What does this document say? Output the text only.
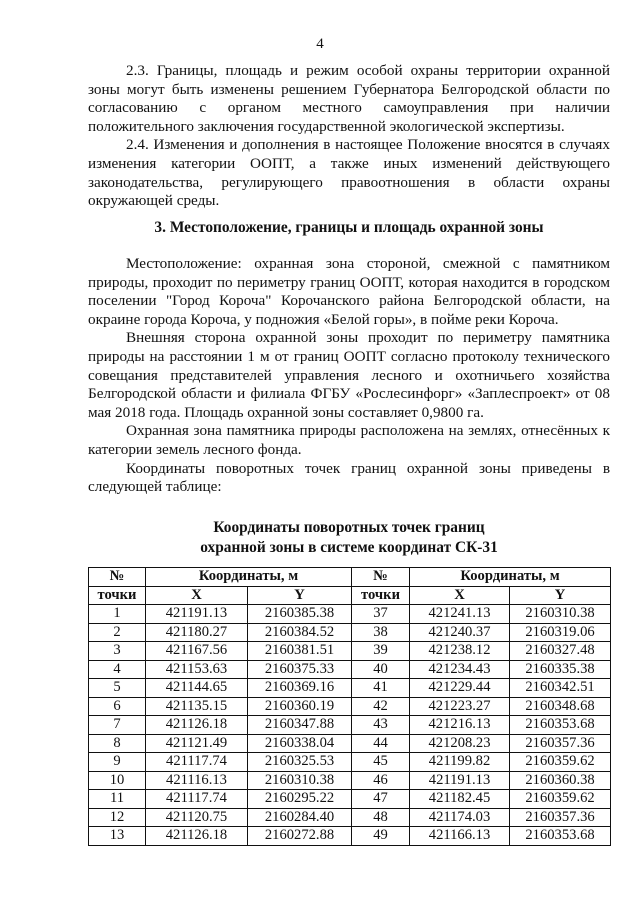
4

2.3. Границы, площадь и режим особой охраны территории охранной зоны могут быть изменены решением Губернатора Белгородской области по согласованию с органом местного самоуправления при наличии положительного заключения государственной экологической экспертизы.

2.4. Изменения и дополнения в настоящее Положение вносятся в случаях изменения категории ООПТ, а также иных изменений действующего законодательства, регулирующего правоотношения в области охраны окружающей среды.

3. Местоположение, границы и площадь охранной зоны

Местоположение: охранная зона стороной, смежной с памятником природы, проходит по периметру границ ООПТ, которая находится в городском поселении "Город Короча" Корочанского района Белгородской области, на окраине города Короча, у подножия «Белой горы», в пойме реки Короча.

Внешняя сторона охранной зоны проходит по периметру памятника природы на расстоянии 1 м от границ ООПТ согласно протоколу технического совещания представителей управления лесного и охотничьего хозяйства Белгородской области и филиала ФГБУ «Рослесинфорг» «Заплеспроект» от 08 мая 2018 года. Площадь охранной зоны составляет 0,9800 га.

Охранная зона памятника природы расположена на землях, отнесённых к категории земель лесного фонда.

Координаты поворотных точек границ охранной зоны приведены в следующей таблице:

Координаты поворотных точек границ
охранной зоны в системе координат СК-31
№	Координаты, м		№	Координаты, м	
точки	X	Y	точки	X	Y
1	421191.13	2160385.38	37	421241.13	2160310.38
2	421180.27	2160384.52	38	421240.37	2160319.06
3	421167.56	2160381.51	39	421238.12	2160327.48
4	421153.63	2160375.33	40	421234.43	2160335.38
5	421144.65	2160369.16	41	421229.44	2160342.51
6	421135.15	2160360.19	42	421223.27	2160348.68
7	421126.18	2160347.88	43	421216.13	2160353.68
8	421121.49	2160338.04	44	421208.23	2160357.36
9	421117.74	2160325.53	45	421199.82	2160359.62
10	421116.13	2160310.38	46	421191.13	2160360.38
11	421117.74	2160295.22	47	421182.45	2160359.62
12	421120.75	2160284.40	48	421174.03	2160357.36
13	421126.18	2160272.88	49	421166.13	2160353.68
